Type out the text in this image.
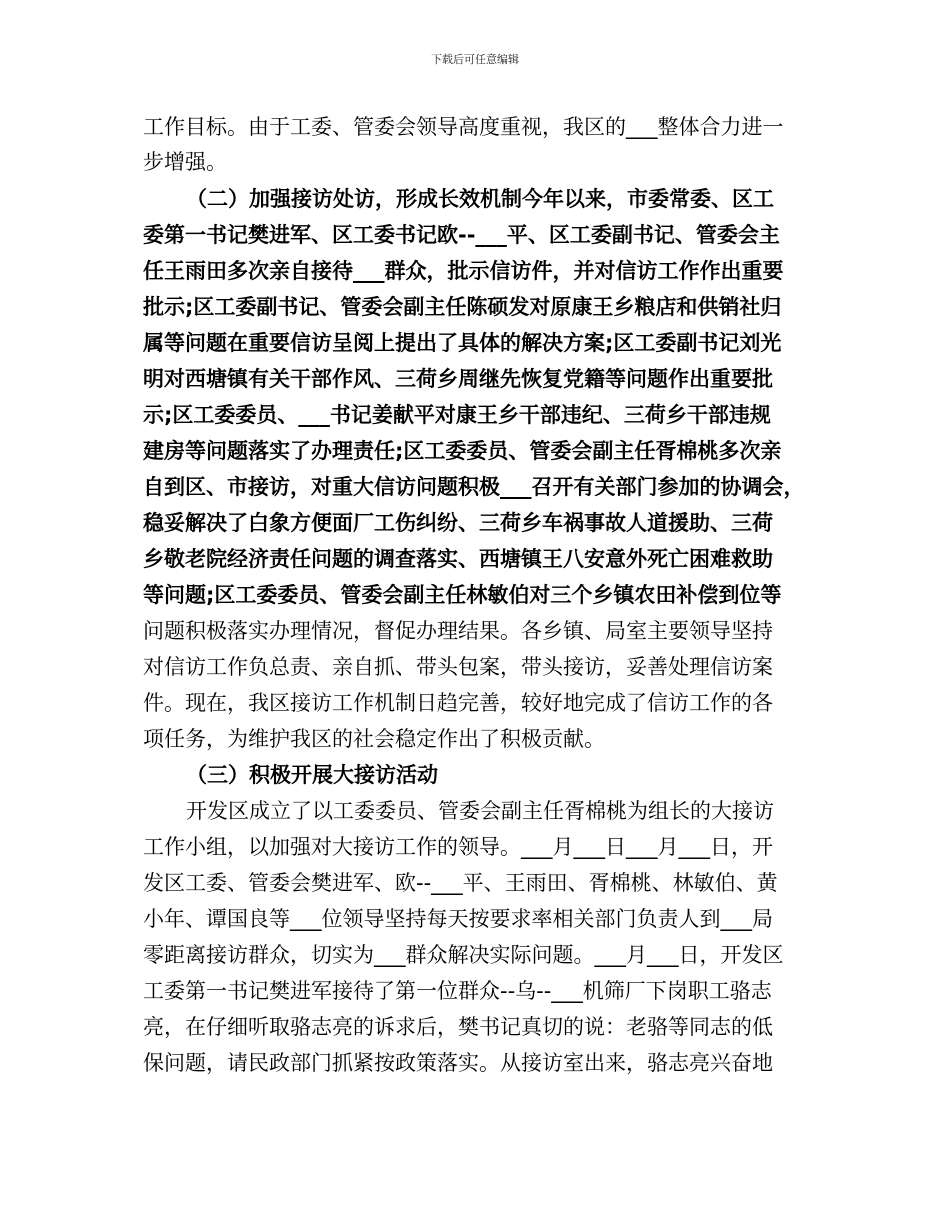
下载后可任意编辑
工作目标。由于工委、管委会领导高度重视，我区的___整体合力进一
步增强。
（二）加强接访处访，形成长效机制今年以来，市委常委、区工
委第一书记樊进军、区工委书记欧--___平、区工委副书记、管委会主
任王雨田多次亲自接待___群众，批示信访件，并对信访工作作出重要
批示;区工委副书记、管委会副主任陈硕发对原康王乡粮店和供销社归
属等问题在重要信访呈阅上提出了具体的解决方案;区工委副书记刘光
明对西塘镇有关干部作风、三荷乡周继先恢复党籍等问题作出重要批
示;区工委委员、___书记姜献平对康王乡干部违纪、三荷乡干部违规
建房等问题落实了办理责任;区工委委员、管委会副主任胥棉桃多次亲
自到区、市接访，对重大信访问题积极___召开有关部门参加的协调会，
稳妥解决了白象方便面厂工伤纠纷、三荷乡车祸事故人道援助、三荷
乡敬老院经济责任问题的调查落实、西塘镇王八安意外死亡困难救助
等问题;区工委委员、管委会副主任林敏伯对三个乡镇农田补偿到位等
问题积极落实办理情况，督促办理结果。各乡镇、局室主要领导坚持
对信访工作负总责、亲自抓、带头包案，带头接访，妥善处理信访案
件。现在，我区接访工作机制日趋完善，较好地完成了信访工作的各
项任务，为维护我区的社会稳定作出了积极贡献。
（三）积极开展大接访活动
开发区成立了以工委委员、管委会副主任胥棉桃为组长的大接访
工作小组，以加强对大接访工作的领导。___月___日___月___日，开
发区工委、管委会樊进军、欧--___平、王雨田、胥棉桃、林敏伯、黄
小年、谭国良等___位领导坚持每天按要求率相关部门负责人到___局
零距离接访群众，切实为___群众解决实际问题。___月___日，开发区
工委第一书记樊进军接待了第一位群众--乌--___机筛厂下岗职工骆志
亮，在仔细听取骆志亮的诉求后，樊书记真切的说：老骆等同志的低
保问题，请民政部门抓紧按政策落实。从接访室出来，骆志亮兴奋地
